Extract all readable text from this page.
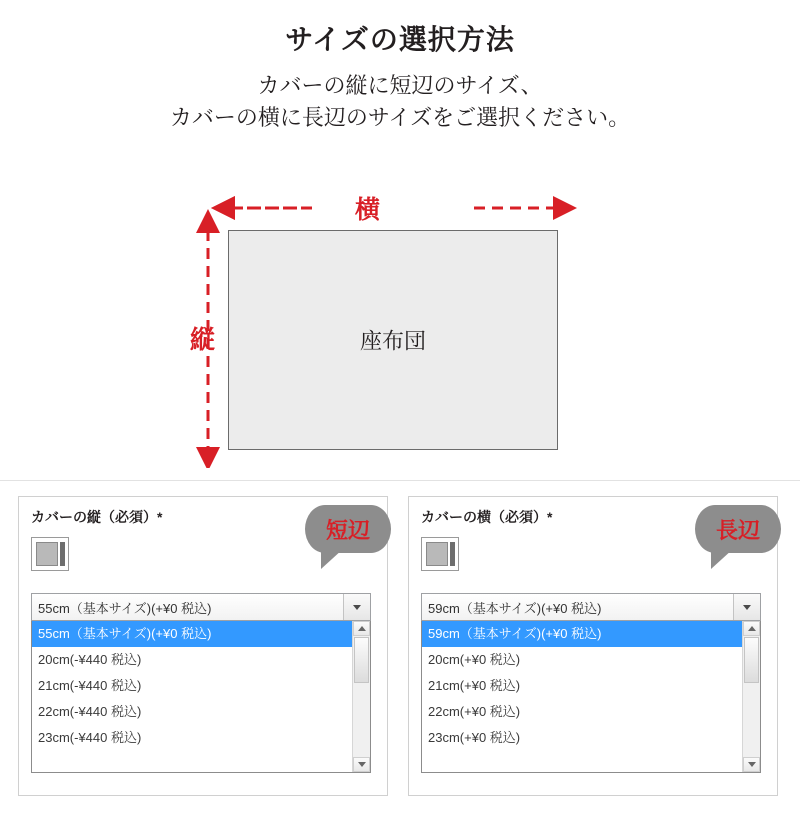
サイズの選択方法
カバーの縦に短辺のサイズ、
カバーの横に長辺のサイズをご選択ください。
横
縦	座布団
カバーの縦（必須）*
55cm（基本サイズ)(+¥0 税込)
55cm（基本サイズ)(+¥0 税込)
20cm(-¥440 税込)
21cm(-¥440 税込)
22cm(-¥440 税込)
23cm(-¥440 税込)
カバーの横（必須）*
59cm（基本サイズ)(+¥0 税込)
59cm（基本サイズ)(+¥0 税込)
20cm(+¥0 税込)
21cm(+¥0 税込)
22cm(+¥0 税込)
23cm(+¥0 税込)
短辺	長辺
